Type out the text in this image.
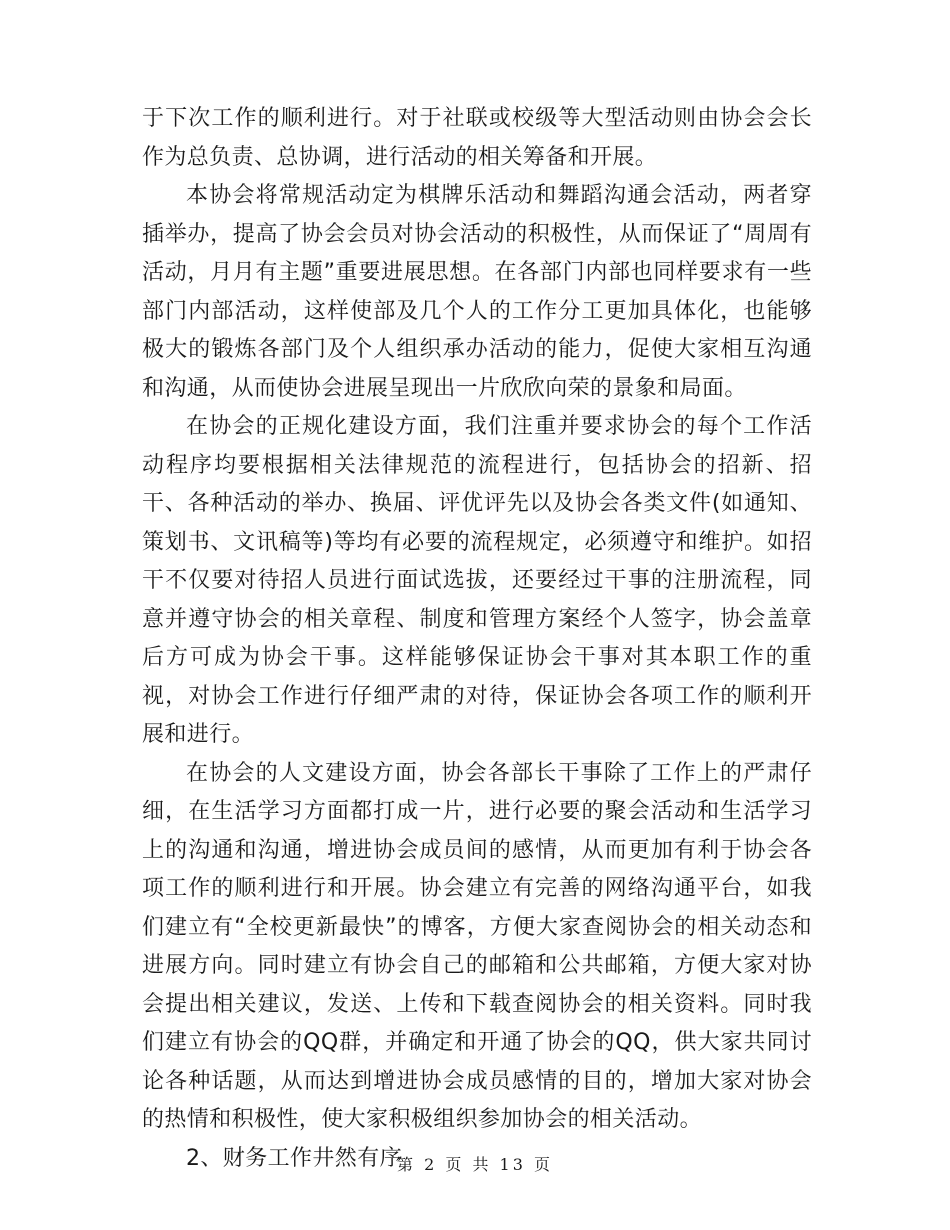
于下次工作的顺利进行。对于社联或校级等大型活动则由协会会长作为总负责、总协调，进行活动的相关筹备和开展。

本协会将常规活动定为棋牌乐活动和舞蹈沟通会活动，两者穿插举办，提高了协会会员对协会活动的积极性，从而保证了“周周有活动，月月有主题”重要进展思想。在各部门内部也同样要求有一些部门内部活动，这样使部及几个人的工作分工更加具体化，也能够极大的锻炼各部门及个人组织承办活动的能力，促使大家相互沟通和沟通，从而使协会进展呈现出一片欣欣向荣的景象和局面。

在协会的正规化建设方面，我们注重并要求协会的每个工作活动程序均要根据相关法律规范的流程进行，包括协会的招新、招干、各种活动的举办、换届、评优评先以及协会各类文件(如通知、策划书、文讯稿等)等均有必要的流程规定，必须遵守和维护。如招干不仅要对待招人员进行面试选拔，还要经过干事的注册流程，同意并遵守协会的相关章程、制度和管理方案经个人签字，协会盖章后方可成为协会干事。这样能够保证协会干事对其本职工作的重视，对协会工作进行仔细严肃的对待，保证协会各项工作的顺利开展和进行。

在协会的人文建设方面，协会各部长干事除了工作上的严肃仔细，在生活学习方面都打成一片，进行必要的聚会活动和生活学习上的沟通和沟通，增进协会成员间的感情，从而更加有利于协会各项工作的顺利进行和开展。协会建立有完善的网络沟通平台，如我们建立有“全校更新最快”的博客，方便大家查阅协会的相关动态和进展方向。同时建立有协会自己的邮箱和公共邮箱，方便大家对协会提出相关建议，发送、上传和下载查阅协会的相关资料。同时我们建立有协会的QQ群，并确定和开通了协会的QQ，供大家共同讨论各种话题，从而达到增进协会成员感情的目的，增加大家对协会的热情和积极性，使大家积极组织参加协会的相关活动。

2、财务工作井然有序

第 2 页 共 13 页
